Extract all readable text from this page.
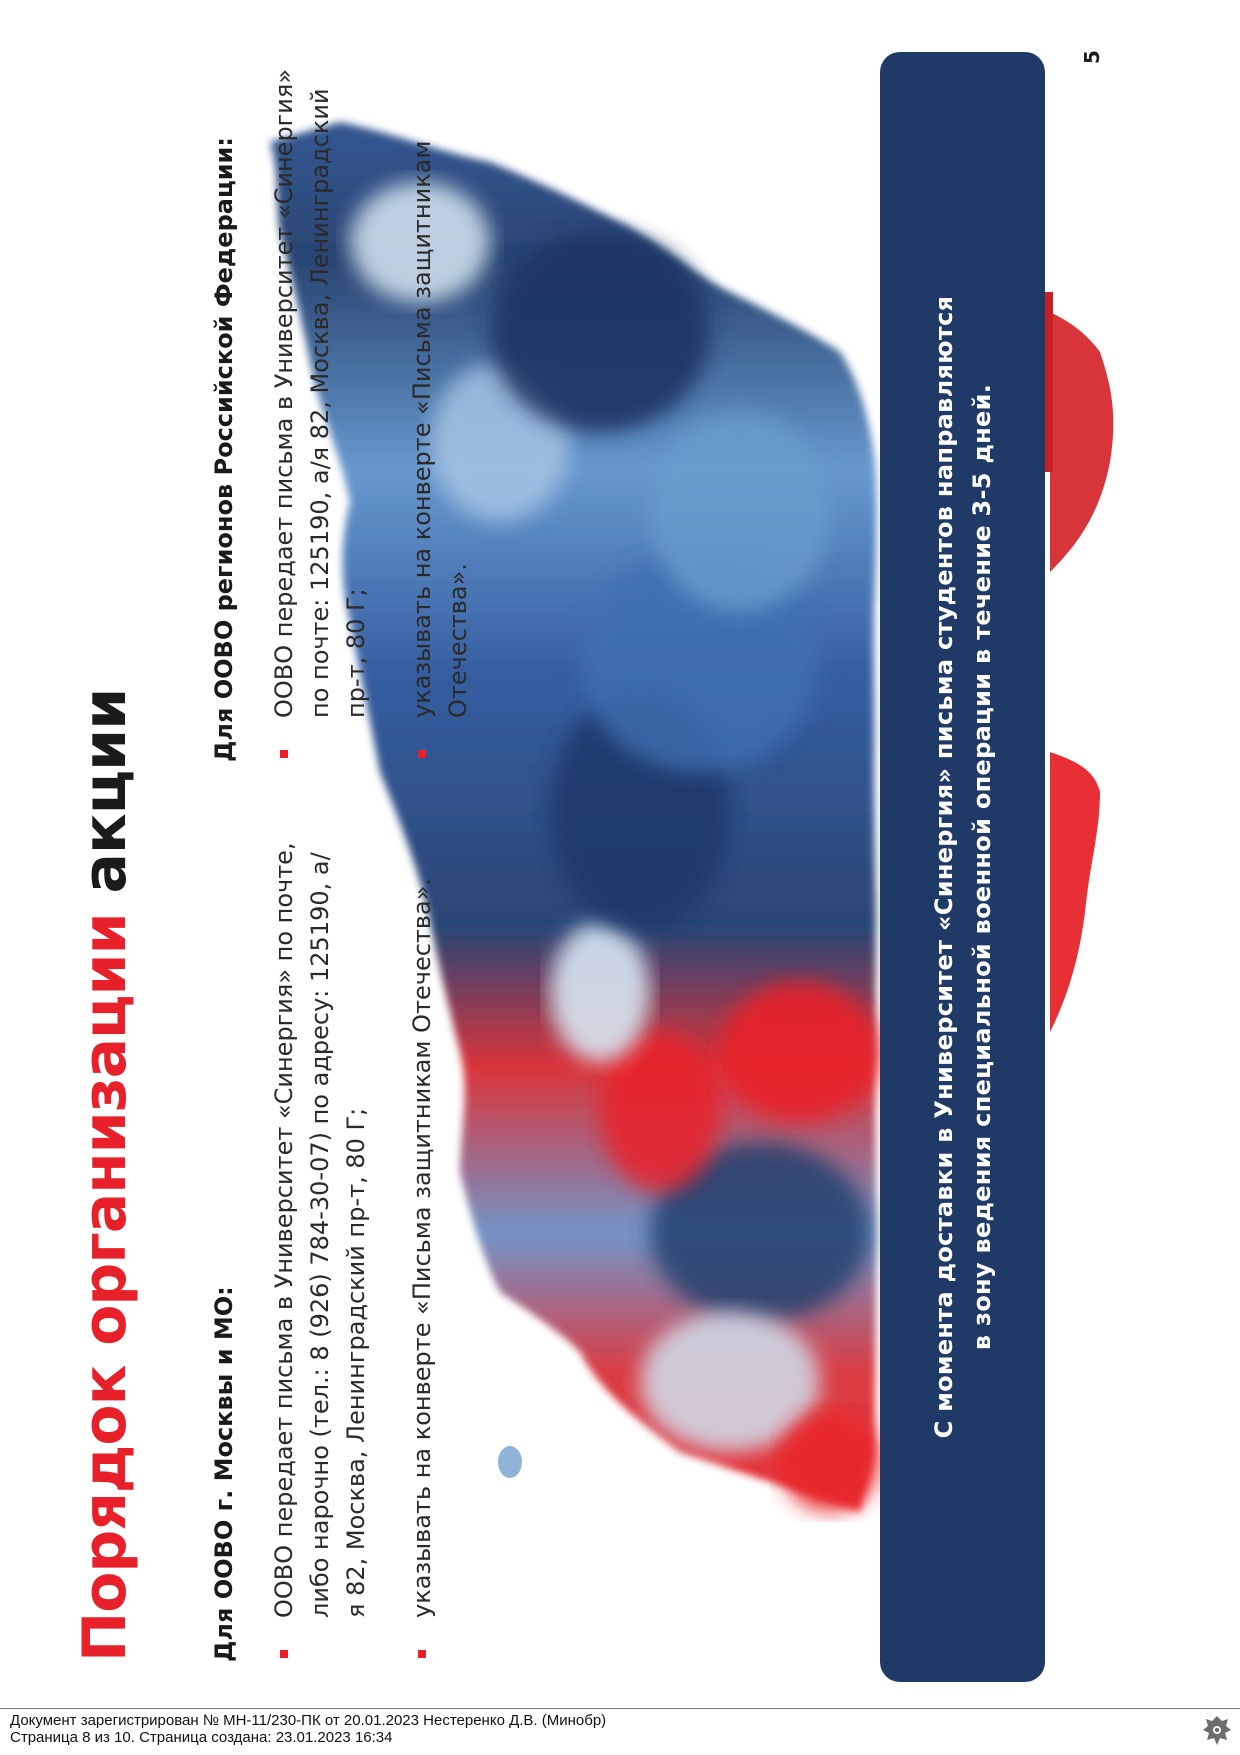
Порядок организации акции
Для ООВО г. Москвы и МО: ООВО передает письма в Университет «Синергия» по почте, либо нарочно (тел.: 8 (926) 784-30-07) по адресу: 125190, а/я 82, Москва, Ленинградский пр-т, 80 Г; указывать на конверте «Письма защитникам Отечества».
Для ООВО регионов Российской Федерации: ООВО передает письма в Университет «Синергия» по почте: 125190, а/я 82, Москва, Ленинградский пр-т, 80 Г; указывать на конверте «Письма защитникам Отечества».	С момента доставки в Университет «Синергия» письма студентов направляются в зону ведения специальной военной операции в течение 3-5 дней.
5
Документ зарегистрирован № МН-11/230-ПК от 20.01.2023 Нестеренко Д.В. (Минобр)
Страница 8 из 10. Страница создана: 23.01.2023 16:34
